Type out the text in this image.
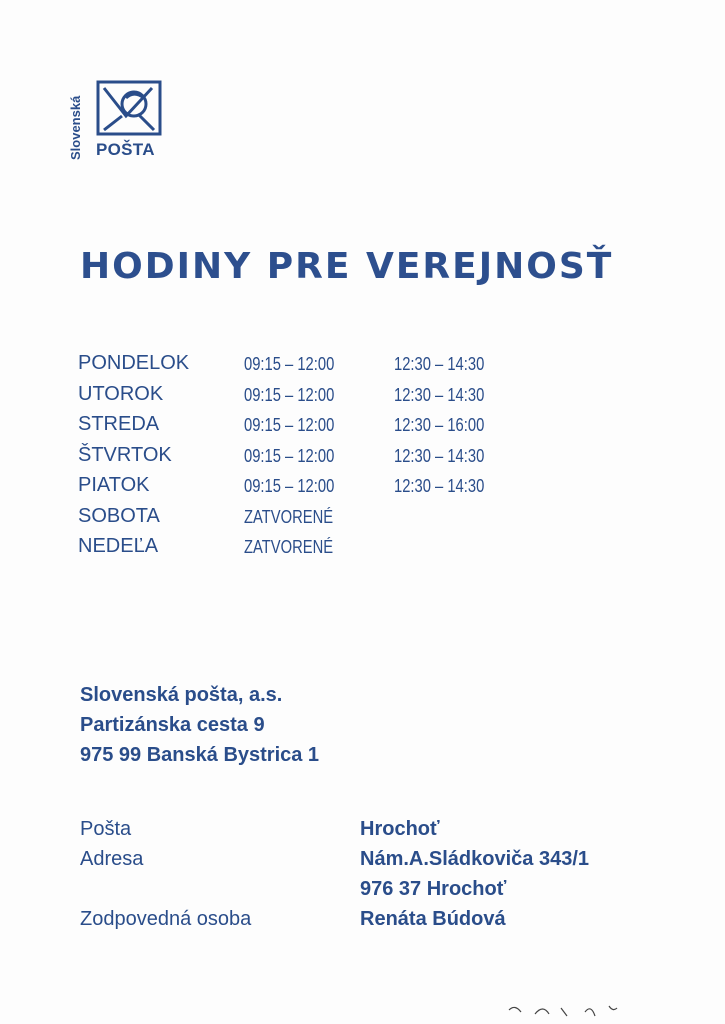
Slovenská POŠTA
HODINY PRE VEREJNOSŤ
PONDELOK	09:15 – 12:00	12:30 – 14:30
UTOROK	09:15 – 12:00	12:30 – 14:30
STREDA	09:15 – 12:00	12:30 – 16:00
ŠTVRTOK	09:15 – 12:00	12:30 – 14:30
PIATOK	09:15 – 12:00	12:30 – 14:30
SOBOTA	ZATVORENÉ
NEDEĽA	ZATVORENÉ
Slovenská pošta, a.s.
Partizánska cesta 9
975 99 Banská Bystrica 1
Pošta	Hrochoť
Adresa	Nám.A.Sládkoviča 343/1
976 37 Hrochoť
Zodpovedná osoba	Renáta Búdová
